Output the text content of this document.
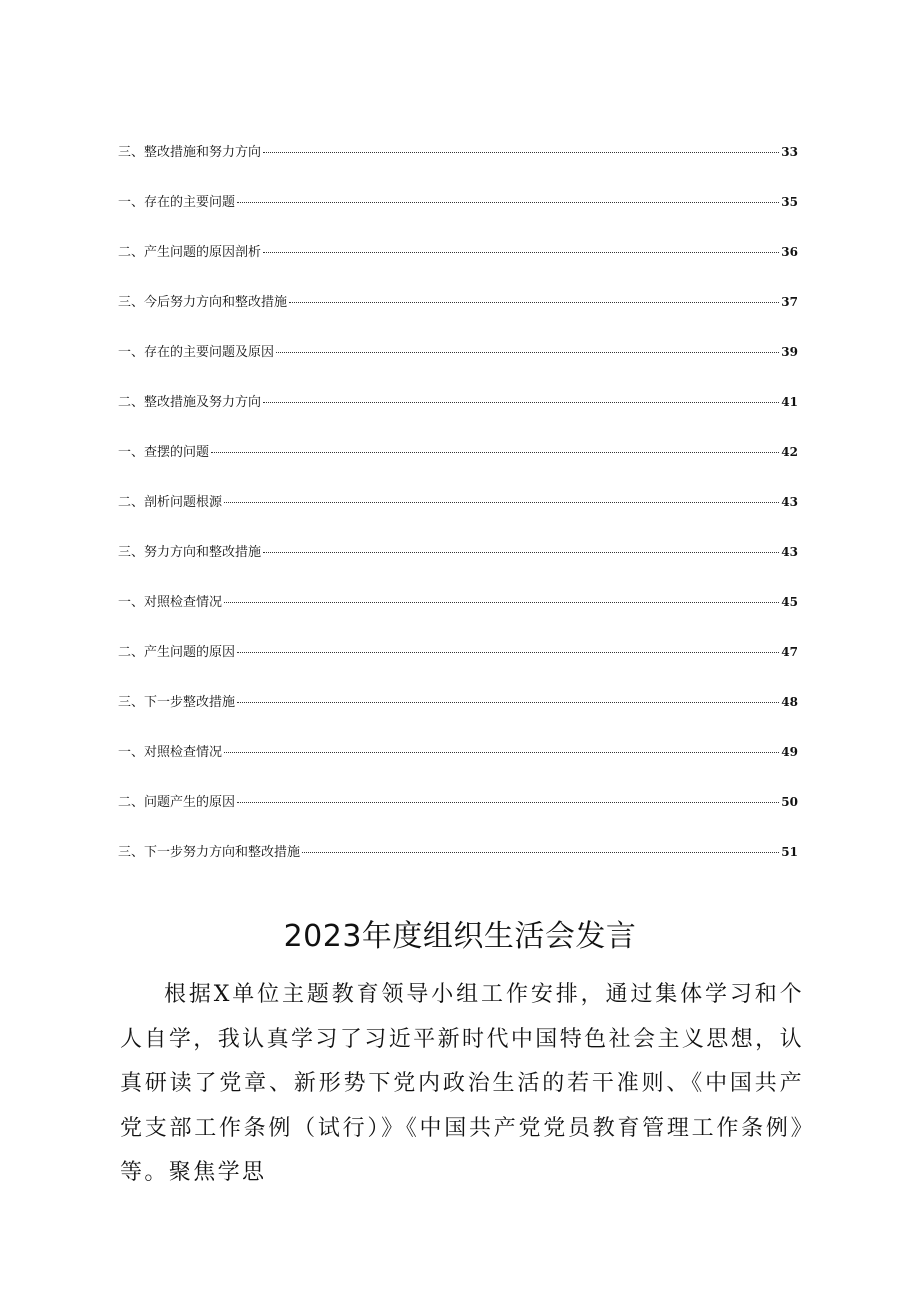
三、整改措施和努力方向	33
一、存在的主要问题	35
二、产生问题的原因剖析	36
三、今后努力方向和整改措施	37
一、存在的主要问题及原因	39
二、整改措施及努力方向	41
一、查摆的问题	42
二、剖析问题根源	43
三、努力方向和整改措施	43
一、对照检查情况	45
二、产生问题的原因	47
三、下一步整改措施	48
一、对照检查情况	49
二、问题产生的原因	50
三、下一步努力方向和整改措施	51
2023年度组织生活会发言

根据X单位主题教育领导小组工作安排，通过集体学习和个人自学，我认真学习了习近平新时代中国特色社会主义思想，认真研读了党章、新形势下党内政治生活的若干准则、《中国共产党支部工作条例（试行）》《中国共产党党员教育管理工作条例》等。聚焦学思
